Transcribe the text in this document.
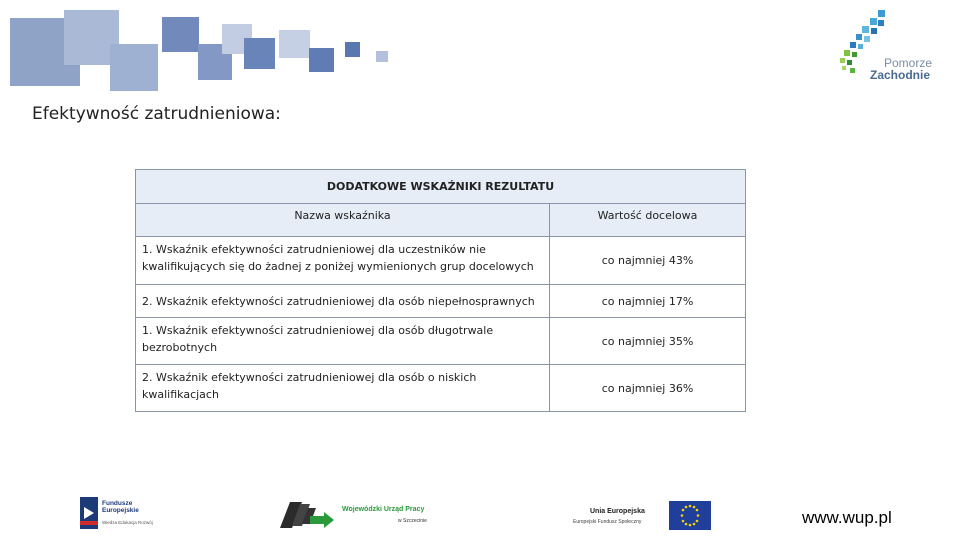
Pomorze
Zachodnie
Efektywność zatrudnieniowa:
DODATKOWE WSKAŹNIKI REZULTATU	
Nazwa wskaźnika	Wartość docelowa
1. Wskaźnik efektywności zatrudnieniowej dla uczestników nie kwalifikujących się do żadnej z poniżej wymienionych grup docelowych	co najmniej 43%
2. Wskaźnik efektywności zatrudnieniowej dla osób niepełnosprawnych	co najmniej 17%
1. Wskaźnik efektywności zatrudnieniowej dla osób długotrwale bezrobotnych	co najmniej 35%
2. Wskaźnik efektywności zatrudnieniowej dla osób o niskich kwalifikacjach	co najmniej 36%
Fundusze
Europejskie
Wiedza Edukacja Rozwój
Wojewódzki Urząd Pracy
w Szczecinie
Unia Europejska
Europejski Fundusz Społeczny	www.wup.pl
